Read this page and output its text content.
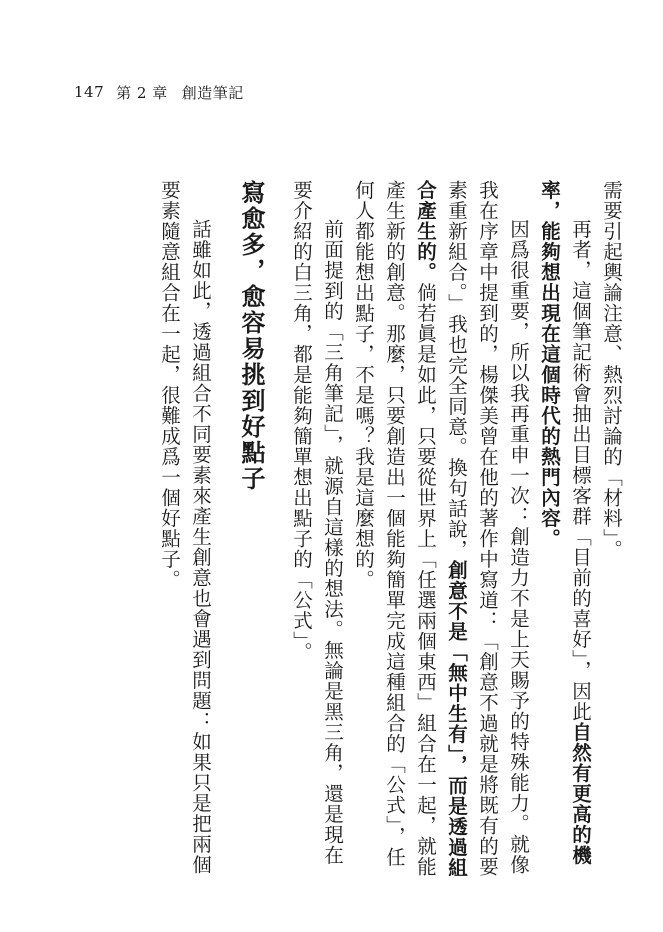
147 第 2 章 創造筆記

需要引起輿論注意、熱烈討論的「材料」。

再者，這個筆記術會抽出目標客群「目前的喜好」，因此自然有更高的機率，能夠想出現在這個時代的熱門內容。

因爲很重要，所以我再重申一次：創造力不是上天賜予的特殊能力。就像我在序章中提到的，楊傑美曾在他的著作中寫道：「創意不過就是將既有的要素重新組合。」我也完全同意。換句話說，創意不是「無中生有」，而是透過組合產生的。倘若眞是如此，只要從世界上「任選兩個東西」組合在一起，就能產生新的創意。那麼，只要創造出一個能夠簡單完成這種組合的「公式」，任何人都能想出點子，不是嗎？我是這麼想的。

前面提到的「三角筆記」，就源自這樣的想法。無論是黑三角，還是現在要介紹的白三角，都是能夠簡單想出點子的「公式」。

寫愈多，愈容易挑到好點子

話雖如此，透過組合不同要素來產生創意也會遇到問題：如果只是把兩個要素隨意組合在一起，很難成爲一個好點子。
